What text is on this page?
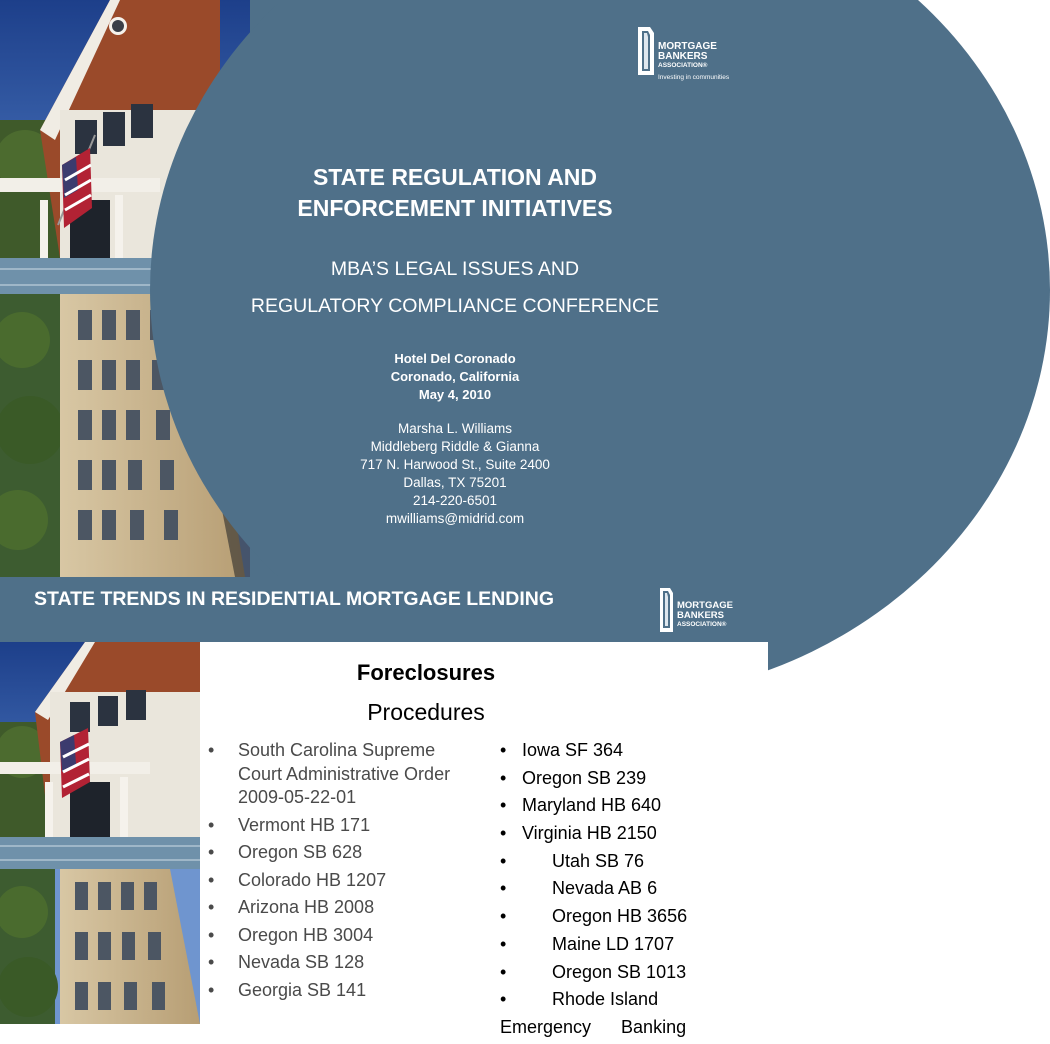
MORTGAGE
BANKERS
ASSOCIATION®
Investing in communities
STATE REGULATION AND
ENFORCEMENT INITIATIVES
MBA’S LEGAL ISSUES AND
REGULATORY COMPLIANCE CONFERENCE
Hotel Del Coronado
Coronado, California
May 4, 2010
Marsha L. Williams
Middleberg Riddle & Gianna
717 N. Harwood St., Suite 2400
Dallas, TX 75201
214-220-6501
mwilliams@midrid.com
STATE TRENDS IN RESIDENTIAL MORTGAGE LENDING	MORTGAGE
BANKERS
ASSOCIATION®
Foreclosures
Procedures
• South Carolina Supreme Court Administrative Order 2009-05-22-01
• Vermont HB 171
• Oregon SB 628
• Colorado HB 1207
• Arizona HB 2008
• Oregon HB 3004
• Nevada SB 128
• Georgia SB 141
• Iowa SF 364
• Oregon SB 239
• Maryland HB 640
• Virginia HB 2150
•	Utah SB 76
•	Nevada AB 6
•	Oregon HB 3656
•	Maine LD 1707
•	Oregon SB 1013
•	Rhode Island
Emergency      Banking
